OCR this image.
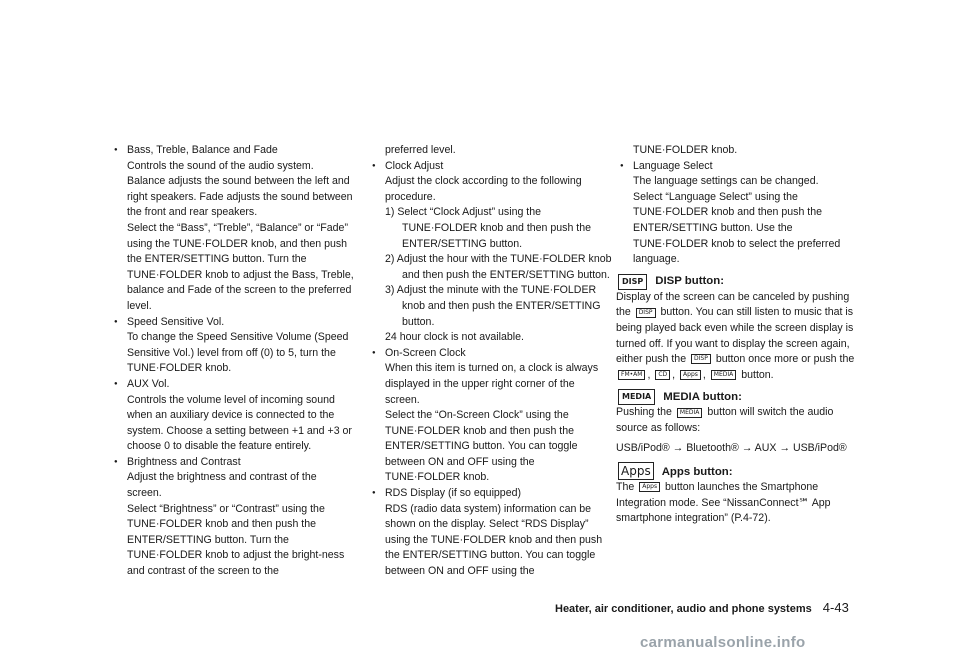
● Bass, Treble, Balance and Fade

Controls the sound of the audio system. Balance adjusts the sound between the left and right speakers. Fade adjusts the sound between the front and rear speakers.

Select the “Bass”, “Treble”, “Balance” or “Fade” using the TUNE·FOLDER knob, and then push the ENTER/SETTING button. Turn the TUNE·FOLDER knob to adjust the Bass, Treble, balance and Fade of the screen to the preferred level.

● Speed Sensitive Vol.

To change the Speed Sensitive Volume (Speed Sensitive Vol.) level from off (0) to 5, turn the TUNE·FOLDER knob.

● AUX Vol.

Controls the volume level of incoming sound when an auxiliary device is connected to the system. Choose a setting between +1 and +3 or choose 0 to disable the feature entirely.

● Brightness and Contrast

Adjust the brightness and contrast of the screen.

Select “Brightness” or “Contrast” using the TUNE·FOLDER knob and then push the ENTER/SETTING button. Turn the TUNE·FOLDER knob to adjust the bright-ness and contrast of the screen to the

preferred level.

● Clock Adjust

Adjust the clock according to the following procedure.

1) Select “Clock Adjust” using the TUNE·FOLDER knob and then push the ENTER/SETTING button.

2) Adjust the hour with the TUNE·FOLDER knob and then push the ENTER/SETTING button.

3) Adjust the minute with the TUNE·FOLDER knob and then push the ENTER/SETTING button.

24 hour clock is not available.

● On-Screen Clock

When this item is turned on, a clock is always displayed in the upper right corner of the screen.

Select the “On-Screen Clock” using the TUNE·FOLDER knob and then push the ENTER/SETTING button. You can toggle between ON and OFF using the TUNE·FOLDER knob.

● RDS Display (if so equipped)

RDS (radio data system) information can be shown on the display. Select “RDS Display” using the TUNE·FOLDER knob and then push the ENTER/SETTING button. You can toggle between ON and OFF using the

TUNE·FOLDER knob.

● Language Select

The language settings can be changed.

Select “Language Select” using the TUNE·FOLDER knob and then push the ENTER/SETTING button. Use the TUNE·FOLDER knob to select the preferred language.

DISP	DISP button:

Display of the screen can be canceled by pushing the DISP button. You can still listen to music that is being played back even while the screen display is turned off. If you want to display the screen again, either push the DISP button once more or push the FM•AM , CD , Apps , MEDIA button.

MEDIA	MEDIA button:

Pushing the MEDIA button will switch the audio source as follows:

USB/iPod® → Bluetooth® → AUX → USB/iPod®

Apps Apps button:

The Apps button launches the Smartphone Integration mode. See “NissanConnect℠ App smartphone integration” (P.4-72).

Heater, air conditioner, audio and phone systems 4-43
carmanualsonline.info
